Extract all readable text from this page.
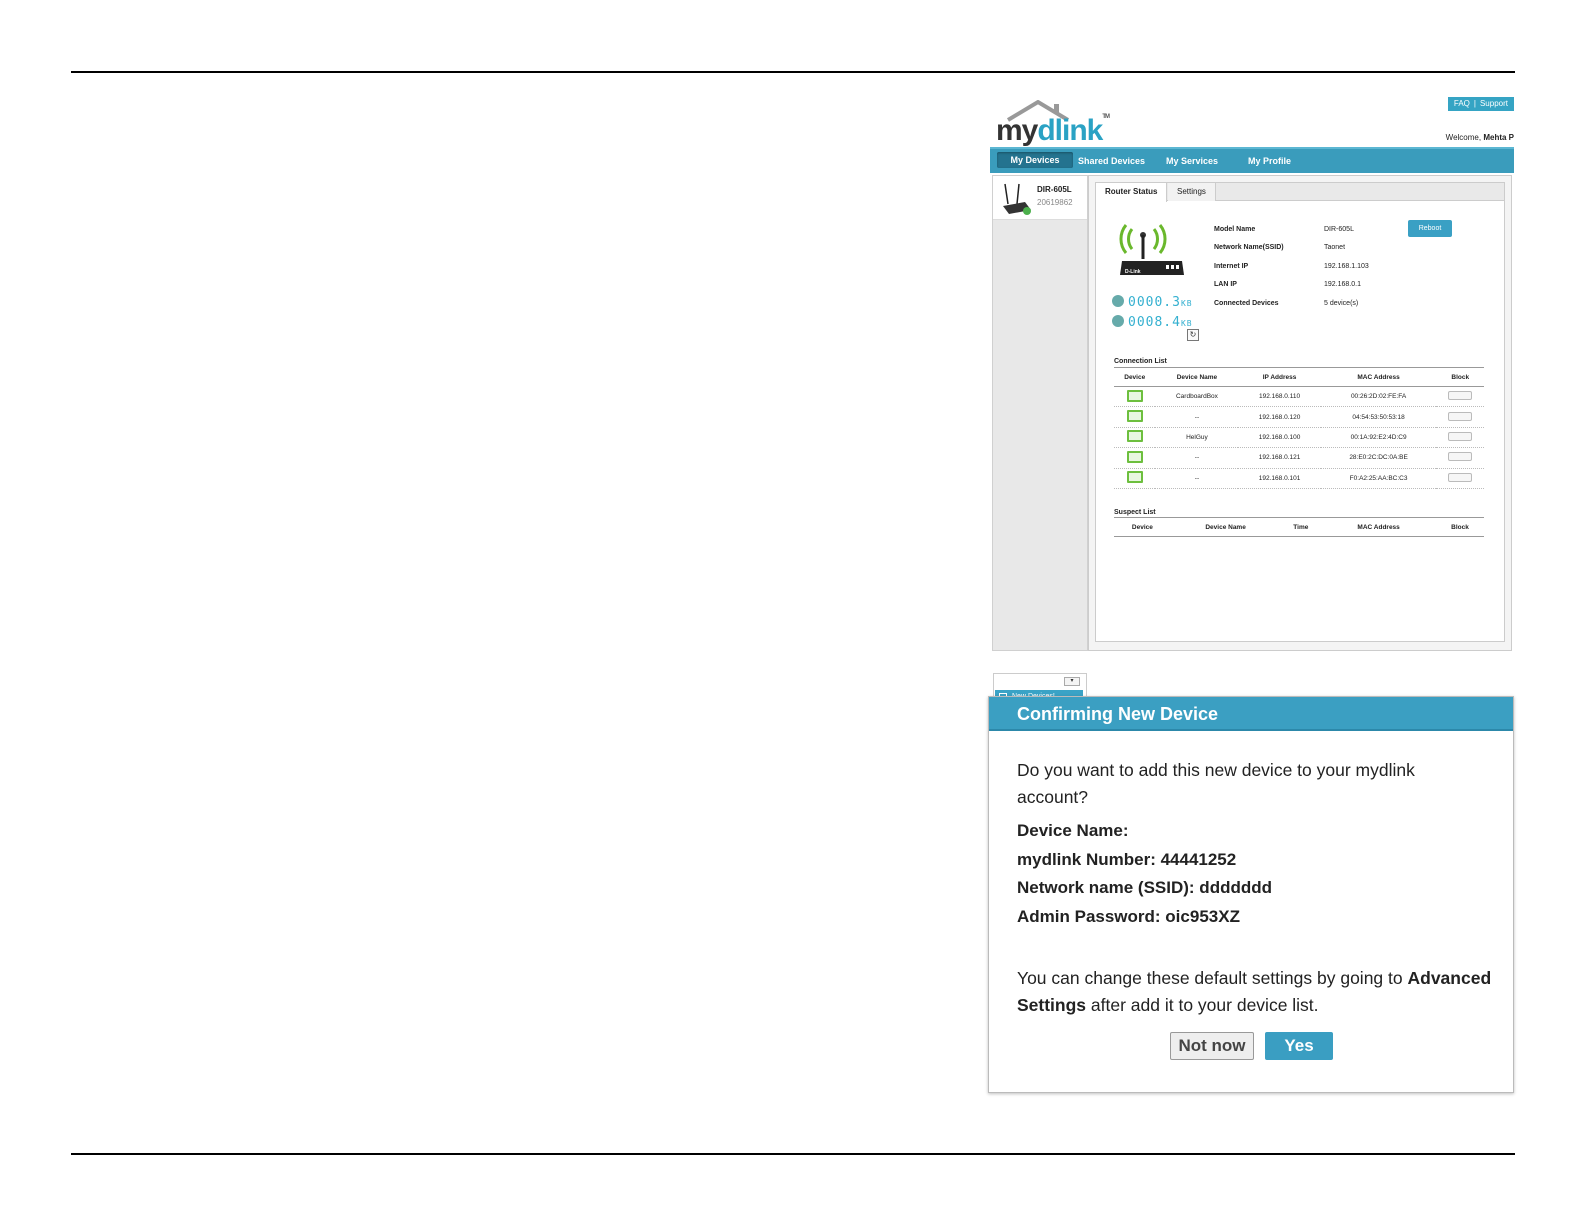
FAQ | Support
mydlink™
Welcome, Mehta P
My Devices	Shared Devices My Services	My Profile
DIR-605L
20619862
▾
Router Status	Settings
D-Link
0000.3KB
0008.4KB
↻
Model Name	DIR-605L
Network Name(SSID)	Taonet
Internet IP	192.168.1.103
LAN IP	192.168.0.1
Connected Devices	5 device(s)
Reboot
Connection List
Device	Device Name	IP Address	MAC Address	Block
	CardboardBox	192.168.0.110	00:26:2D:02:FE:FA	
	--	192.168.0.120	04:54:53:50:53:18	
	HelGuy	192.168.0.100	00:1A:92:E2:4D:C9	
	--	192.168.0.121	28:E0:2C:DC:0A:BE	
	--	192.168.0.101	F0:A2:25:AA:BC:C3	
Suspect List
Device	Device Name	Time	MAC Address	Block
Confirming New Device
Do you want to add this new device to your mydlink account?
Device Name:
mydlink Number: 44441252
Network name (SSID): ddddddd
Admin Password: oic953XZ
You can change these default settings by going to Advanced Settings after add it to your device list.
Not now	Yes
